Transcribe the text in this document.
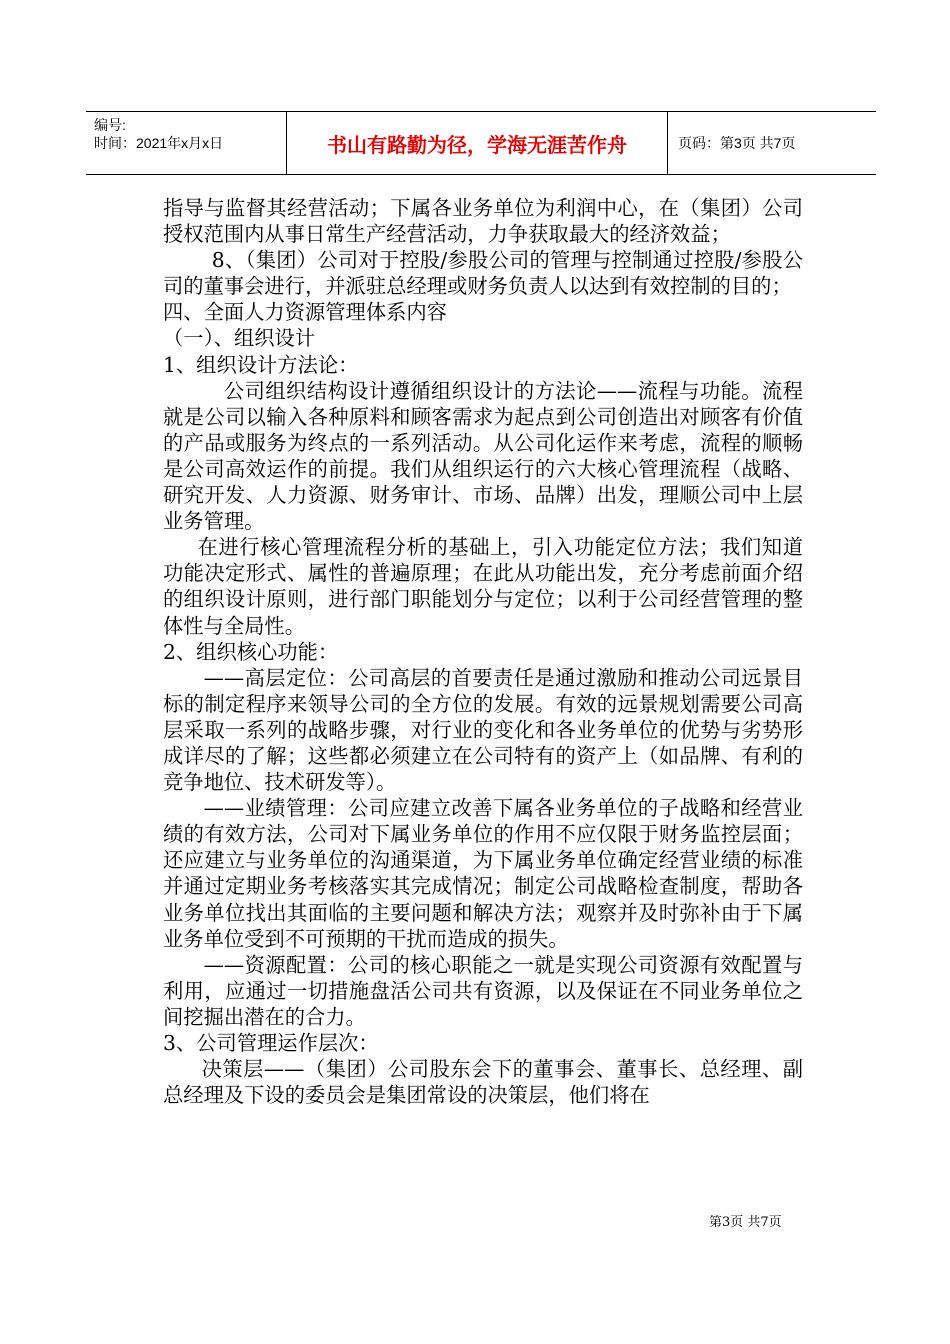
编号:
时间：2021年x月x日	书山有路勤为径，学海无涯苦作舟	页码：第3页 共7页

指导与监督其经营活动；下属各业务单位为利润中心，在（集团）公司授权范围内从事日常生产经营活动，力争获取最大的经济效益；

8、（集团）公司对于控股/参股公司的管理与控制通过控股/参股公司的董事会进行，并派驻总经理或财务负责人以达到有效控制的目的；

四、全面人力资源管理体系内容

（一）、组织设计

1、组织设计方法论：

公司组织结构设计遵循组织设计的方法论——流程与功能。流程就是公司以输入各种原料和顾客需求为起点到公司创造出对顾客有价值的产品或服务为终点的一系列活动。从公司化运作来考虑，流程的顺畅是公司高效运作的前提。我们从组织运行的六大核心管理流程（战略、研究开发、人力资源、财务审计、市场、品牌）出发，理顺公司中上层业务管理。

在进行核心管理流程分析的基础上，引入功能定位方法；我们知道功能决定形式、属性的普遍原理；在此从功能出发，充分考虑前面介绍的组织设计原则，进行部门职能划分与定位；以利于公司经营管理的整体性与全局性。

2、组织核心功能：

——高层定位：公司高层的首要责任是通过激励和推动公司远景目标的制定程序来领导公司的全方位的发展。有效的远景规划需要公司高层采取一系列的战略步骤，对行业的变化和各业务单位的优势与劣势形成详尽的了解；这些都必须建立在公司特有的资产上（如品牌、有利的竞争地位、技术研发等）。

——业绩管理：公司应建立改善下属各业务单位的子战略和经营业绩的有效方法，公司对下属业务单位的作用不应仅限于财务监控层面；还应建立与业务单位的沟通渠道，为下属业务单位确定经营业绩的标准并通过定期业务考核落实其完成情况；制定公司战略检查制度，帮助各业务单位找出其面临的主要问题和解决方法；观察并及时弥补由于下属业务单位受到不可预期的干扰而造成的损失。

——资源配置：公司的核心职能之一就是实现公司资源有效配置与利用，应通过一切措施盘活公司共有资源，以及保证在不同业务单位之间挖掘出潜在的合力。

3、公司管理运作层次：

决策层——（集团）公司股东会下的董事会、董事长、总经理、副总经理及下设的委员会是集团常设的决策层，他们将在

第3页 共7页
